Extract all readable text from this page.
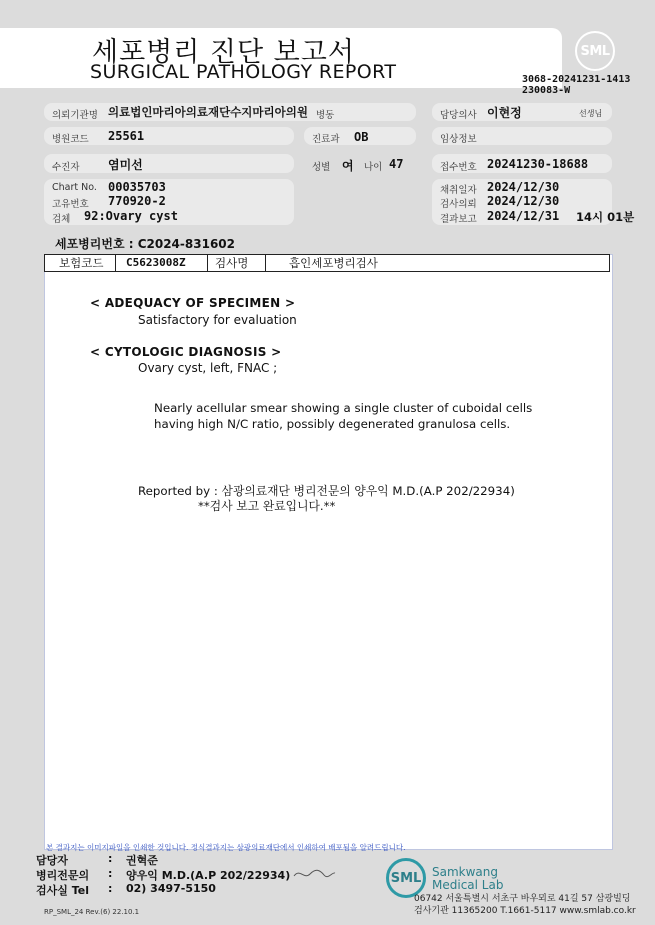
세포병리 진단 보고서
SURGICAL PATHOLOGY REPORT
SML
3068-20241231-1413
230083-W
의뢰기관명 의료법인마리아의료재단수지마리아의원 병동	담당의사 이현정	선생님
병원코드 25561	진료과 OB	임상정보
수진자 염미선	성별 여 나이 47	접수번호 20241230-18688
Chart No. 00035703
고유번호 770920-2
검체 92:Ovary cyst
채취일자 2024/12/30
검사의뢰 2024/12/30
결과보고 2024/12/31 14시 01분
세포병리번호 : C2024-831602
보험코드 C5623008Z	검사명	흡인세포병리검사
< ADEQUACY OF SPECIMEN >
Satisfactory for evaluation
< CYTOLOGIC DIAGNOSIS >
Ovary cyst, left, FNAC ;
Nearly acellular smear showing a single cluster of cuboidal cells
having high N/C ratio, possibly degenerated granulosa cells.
Reported by : 삼광의료재단 병리전문의 양우익 M.D.(A.P 202/22934)
**검사 보고 완료입니다.**
본 결과지는 이미지파일을 인쇄한 것입니다. 정식결과지는 삼광의료재단에서 인쇄하여 배포됨을 알려드립니다.
담당자	: 권혁준
병리전문의 : 양우익 M.D.(A.P 202/22934)
검사실 Tel : 02) 3497-5150
SML Samkwang
Medical Lab
06742 서울특별시 서초구 바우뫼로 41길 57 삼광빌딩
검사기관 11365200 T.1661-5117 www.smlab.co.kr
RP_SML_24 Rev.(6) 22.10.1
